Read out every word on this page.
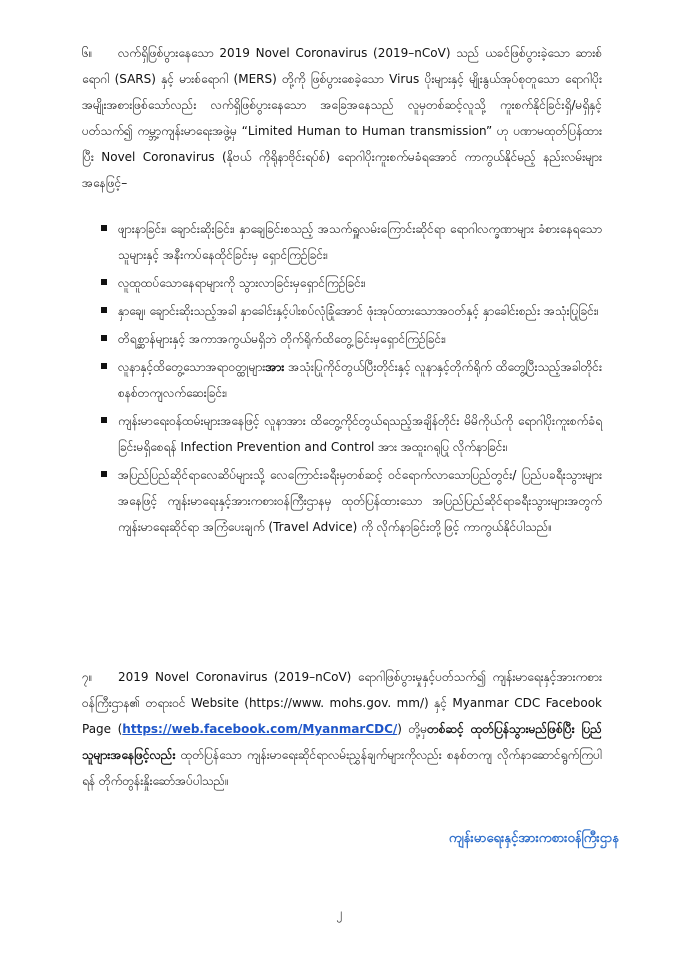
၆။ လက်ရှိဖြစ်ပွားနေသော 2019 Novel Coronavirus (2019–nCoV) သည် ယခင်ဖြစ်ပွားခဲ့သော ဆားစ်ရောဂါ (SARS) နှင့် မားစ်ရောဂါ (MERS) တို့ကို ဖြစ်ပွားစေခဲ့သော Virus ပိုးများနှင့် မျိုးနွယ်အုပ်စုတူသော ရောဂါပိုးအမျိုးအစားဖြစ်သော်လည်း လက်ရှိဖြစ်ပွားနေသော အခြေအနေသည် လူမှတစ်ဆင့်လူသို့ ကူးစက်နိုင်ခြင်းရှိ/မရှိနှင့်ပတ်သက်၍ ကမ္ဘာ့ကျန်းမာရေးအဖွဲ့မှ “Limited Human to Human transmission” ဟု ပဏာမထုတ်ပြန်ထားပြီး Novel Coronavirus (နိုဗယ် ကိုရိုနာဗိုင်းရပ်စ်) ရောဂါပိုးကူးစက်မခံရအောင် ကာကွယ်နိုင်မည့် နည်းလမ်းများအနေဖြင့်–

ဖျားနာခြင်း၊ ချောင်းဆိုးခြင်း၊ နှာချေခြင်းစသည့် အသက်ရှူလမ်းကြောင်းဆိုင်ရာ ရောဂါလက္ခဏာများ ခံစားနေရသော သူများနှင့် အနီးကပ်နေထိုင်ခြင်းမှ ရှောင်ကြဉ်ခြင်း၊
လူထူထပ်သောနေရာများကို သွားလာခြင်းမှရှောင်ကြဉ်ခြင်း၊
နှာချေ၊ ချောင်းဆိုးသည့်အခါ နှာခေါင်းနှင့်ပါးစပ်လုံခြုံအောင် ဖုံးအုပ်ထားသောအဝတ်နှင့် နှာခေါင်းစည်း အသုံးပြုခြင်း၊
တိရစ္ဆာန်များနှင့် အကာအကွယ်မရှိဘဲ တိုက်ရိုက်ထိတွေ့ခြင်းမှရှောင်ကြဉ်ခြင်း၊
လူနာနှင့်ထိတွေ့သောအရာဝတ္ထုများအား အသုံးပြုကိုင်တွယ်ပြီးတိုင်းနှင့် လူနာနှင့်တိုက်ရိုက် ထိတွေ့ပြီးသည့်အခါတိုင်းစနစ်တကျလက်ဆေးခြင်း၊
ကျန်းမာရေးဝန်ထမ်းများအနေဖြင့် လူနာအား ထိတွေ့ကိုင်တွယ်ရသည့်အချိန်တိုင်း မိမိကိုယ်ကို ရောဂါပိုးကူးစက်ခံရခြင်းမရှိစေရန် Infection Prevention and Control အား အထူးဂရုပြု လိုက်နာခြင်း၊
အပြည်ပြည်ဆိုင်ရာလေဆိပ်များသို့ လေကြောင်းခရီးမှတစ်ဆင့် ဝင်ရောက်လာသောပြည်တွင်း/ ပြည်ပခရီးသွားများအနေဖြင့် ကျန်းမာရေးနှင့်အားကစားဝန်ကြီးဌာနမှ ထုတ်ပြန်ထားသော အပြည်ပြည်ဆိုင်ရာခရီးသွားများအတွက် ကျန်းမာရေးဆိုင်ရာ အကြံပေးချက် (Travel Advice) ကို လိုက်နာခြင်းတို့ဖြင့် ကာကွယ်နိုင်ပါသည်။

၇။ 2019 Novel Coronavirus (2019–nCoV) ရောဂါဖြစ်ပွားမှုနှင့်ပတ်သက်၍ ကျန်းမာရေးနှင့်အားကစားဝန်ကြီးဌာန၏ တရားဝင် Website (https://www. mohs.gov. mm/) နှင့် Myanmar CDC Facebook Page (https://web.facebook.com/MyanmarCDC/) တို့မှတစ်ဆင့် ထုတ်ပြန်သွားမည်ဖြစ်ပြီး ပြည်သူများအနေဖြင့်လည်း ထုတ်ပြန်သော ကျန်းမာရေးဆိုင်ရာလမ်းညွှန်ချက်များကိုလည်း စနစ်တကျ လိုက်နာဆောင်ရွက်ကြပါရန် တိုက်တွန်းနှိုးဆော်အပ်ပါသည်။

ကျန်းမာရေးနှင့်အားကစားဝန်ကြီးဌာန
၂
